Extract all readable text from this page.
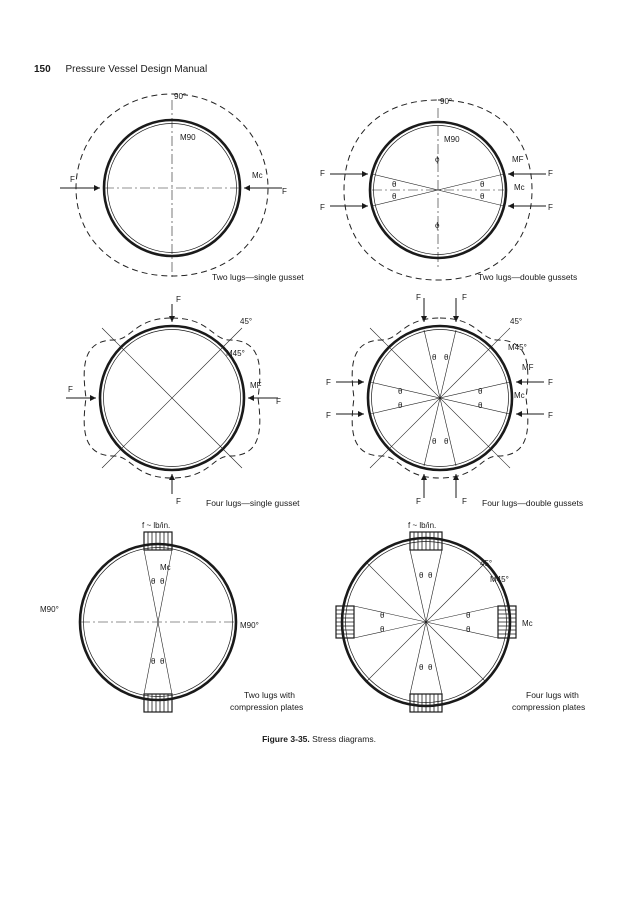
150 Pressure Vessel Design Manual
90°
M90
Mc
F
F
Two lugs—single gusset
90°
M90
MF
Mc
F
F
F
F
θ
θ
θ
θ
ϕ
ϕ
Two lugs—double gussets
F
F
F
F
45°
M45°
MF
Four lugs—single gusset
F	F
F	F
F
F
F
F
45°
M45°
MF
Mc
θ θ
θ
θ
θ
θ
θ θ
Four lugs—double gussets
f ~ lb/in.
Mc
M90°
M90°
θ θ
θ θ
Two lugs with
compression plates
f ~ lb/in.
45°
M45°
Mc
θ θ
θ
θ
θ
θ
θ θ
Four lugs with
compression plates
Figure 3-35. Stress diagrams.
